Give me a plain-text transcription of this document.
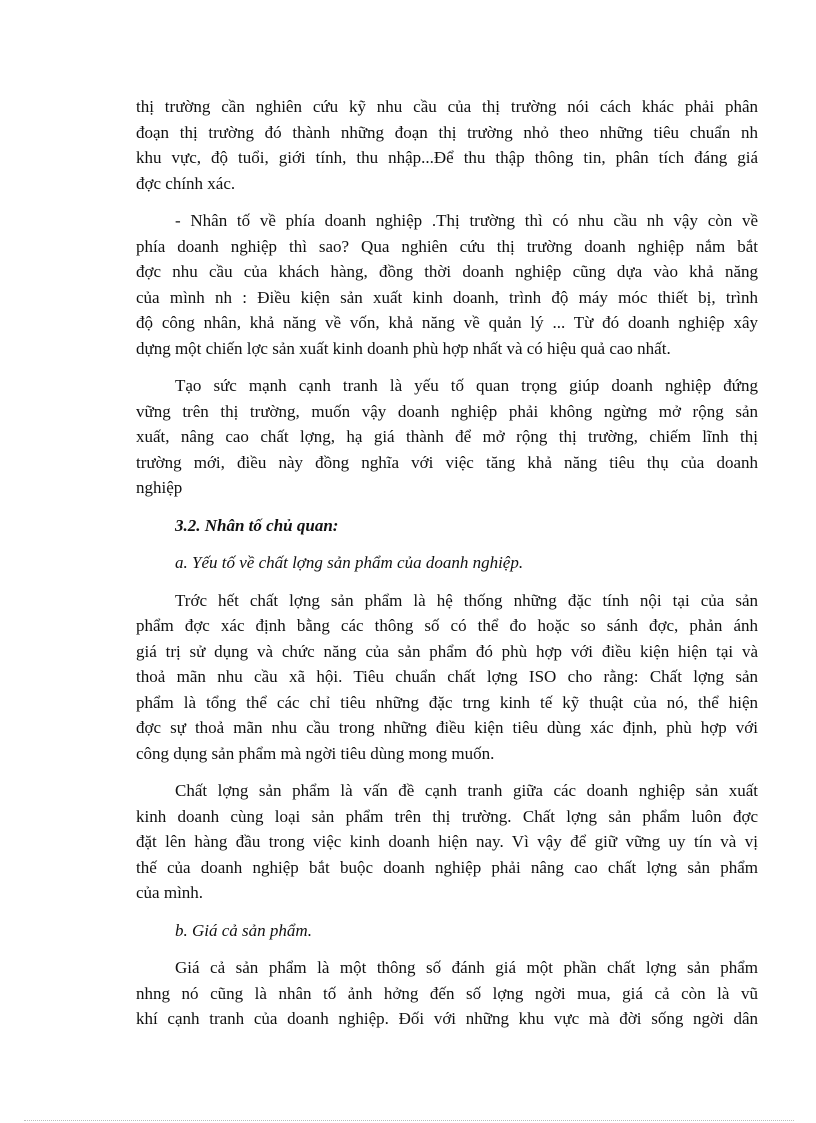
thị trường cần nghiên cứu kỹ nhu cầu của thị trường nói cách khác phải phân
đoạn thị trường đó thành những đoạn thị trường nhỏ theo những tiêu chuẩn nh
khu vực, độ tuổi, giới tính, thu nhập...Để thu thập thông tin, phân tích đáng giá
đợc chính xác.

- Nhân tố về phía doanh nghiệp .Thị trường thì có nhu cầu nh vậy còn về
phía doanh nghiệp thì sao? Qua nghiên cứu thị trường doanh nghiệp nắm bắt
đợc nhu cầu của khách hàng, đồng thời doanh nghiệp cũng dựa vào khả năng
của mình nh : Điều kiện sản xuất kinh doanh, trình độ máy móc thiết bị, trình
độ công nhân, khả năng về vốn, khả năng về quản lý ... Từ đó doanh nghiệp xây
dựng một chiến lợc sản xuất kinh doanh phù hợp nhất và có hiệu quả cao nhất.

Tạo sức mạnh cạnh tranh là yếu tố quan trọng giúp doanh nghiệp đứng
vững trên thị trường, muốn vậy doanh nghiệp phải không ngừng mở rộng sản
xuất, nâng cao chất lợng, hạ giá thành để mở rộng thị trường, chiếm lĩnh thị
trường mới, điều này đồng nghĩa với việc tăng khả năng tiêu thụ của doanh
nghiệp

3.2. Nhân tố chủ quan:

a. Yếu tố về chất lợng sản phẩm của doanh nghiệp.

Trớc hết chất lợng sản phẩm là hệ thống những đặc tính nội tại của sản
phẩm đợc xác định bằng các thông số có thể đo hoặc so sánh đợc, phản ánh
giá trị sử dụng và chức năng của sản phẩm đó phù hợp với điều kiện hiện tại và
thoả mãn nhu cầu xã hội. Tiêu chuẩn chất lợng ISO cho rằng: Chất lợng sản
phẩm là tổng thể các chỉ tiêu những đặc trng kinh tế kỹ thuật của nó, thể hiện
đợc sự thoả mãn nhu cầu trong những điều kiện tiêu dùng xác định, phù hợp với
công dụng sản phẩm mà ngời tiêu dùng mong muốn.

Chất lợng sản phẩm là vấn đề cạnh tranh giữa các doanh nghiệp sản xuất
kinh doanh cùng loại sản phẩm trên thị trường. Chất lợng sản phẩm luôn đợc
đặt lên hàng đầu trong việc kinh doanh hiện nay. Vì vậy để giữ vững uy tín và vị
thế của doanh nghiệp bắt buộc doanh nghiệp phải nâng cao chất lợng sản phẩm
của mình.

b. Giá cả sản phẩm.

Giá cả sản phẩm là một thông số đánh giá một phần chất lợng sản phẩm
nhng nó cũng là nhân tố ảnh hởng đến số lợng ngời mua, giá cả còn là vũ
khí cạnh tranh của doanh nghiệp. Đối với những khu vực mà đời sống ngời dân
